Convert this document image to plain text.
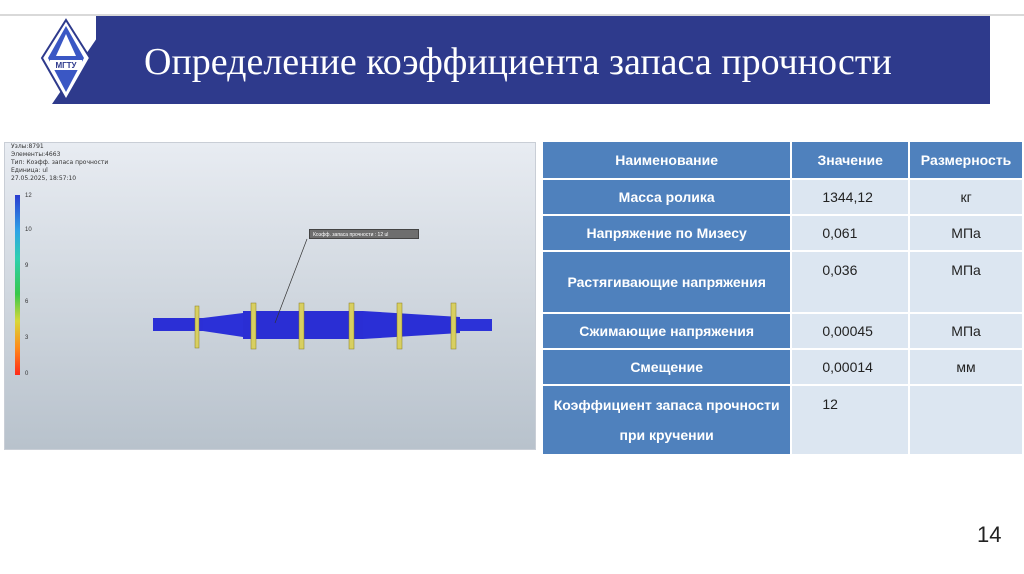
МГТУ Определение коэффициента запаса прочности
Узлы:8791
Элементы:4663
Тип: Коэфф. запаса прочности
Единица: ul
27.05.2025, 18:57:10
12
10
9
6
3
0
Коэфф. запаса прочности : 12 ul
Наименование	Значение	Размерность
Масса ролика	1344,12	кг
Напряжение по Мизесу	0,061	МПа
Растягивающие напряжения	0,036	МПа
Сжимающие напряжения	0,00045	МПа
Смещение	0,00014	мм
Коэффициент запаса прочности при кручении	12	
14
